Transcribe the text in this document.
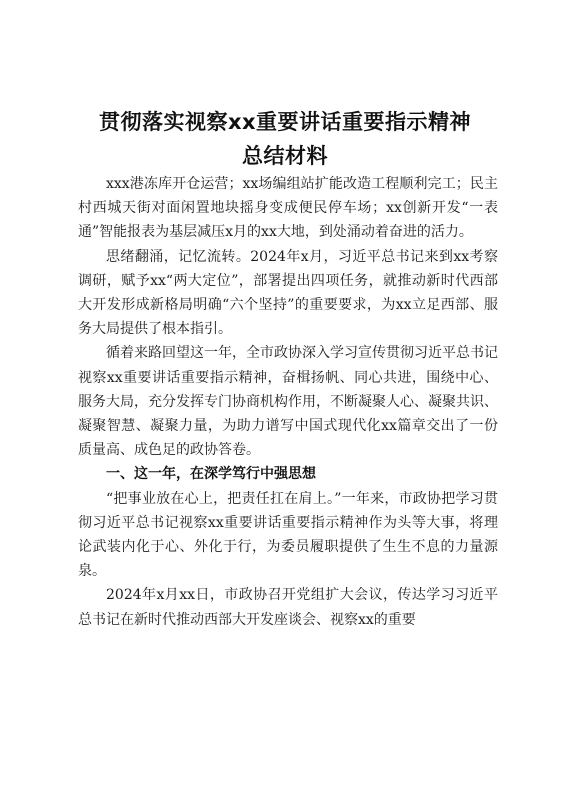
贯彻落实视察xx重要讲话重要指示精神
总结材料

xxx港冻库开仓运营；xx场编组站扩能改造工程顺利完工；民主村西城天街对面闲置地块摇身变成便民停车场；xx创新开发“一表通”智能报表为基层减压x月的xx大地，到处涌动着奋进的活力。

思绪翻涌，记忆流转。2024年x月，习近平总书记来到xx考察调研，赋予xx“两大定位”，部署提出四项任务，就推动新时代西部大开发形成新格局明确“六个坚持”的重要要求，为xx立足西部、服务大局提供了根本指引。

循着来路回望这一年，全市政协深入学习宣传贯彻习近平总书记视察xx重要讲话重要指示精神，奋楫扬帆、同心共进，围绕中心、服务大局，充分发挥专门协商机构作用，不断凝聚人心、凝聚共识、凝聚智慧、凝聚力量，为助力谱写中国式现代化xx篇章交出了一份质量高、成色足的政协答卷。

一、这一年，在深学笃行中强思想

“把事业放在心上，把责任扛在肩上。”一年来，市政协把学习贯彻习近平总书记视察xx重要讲话重要指示精神作为头等大事，将理论武装内化于心、外化于行，为委员履职提供了生生不息的力量源泉。

2024年x月xx日，市政协召开党组扩大会议，传达学习习近平总书记在新时代推动西部大开发座谈会、视察xx的重要
